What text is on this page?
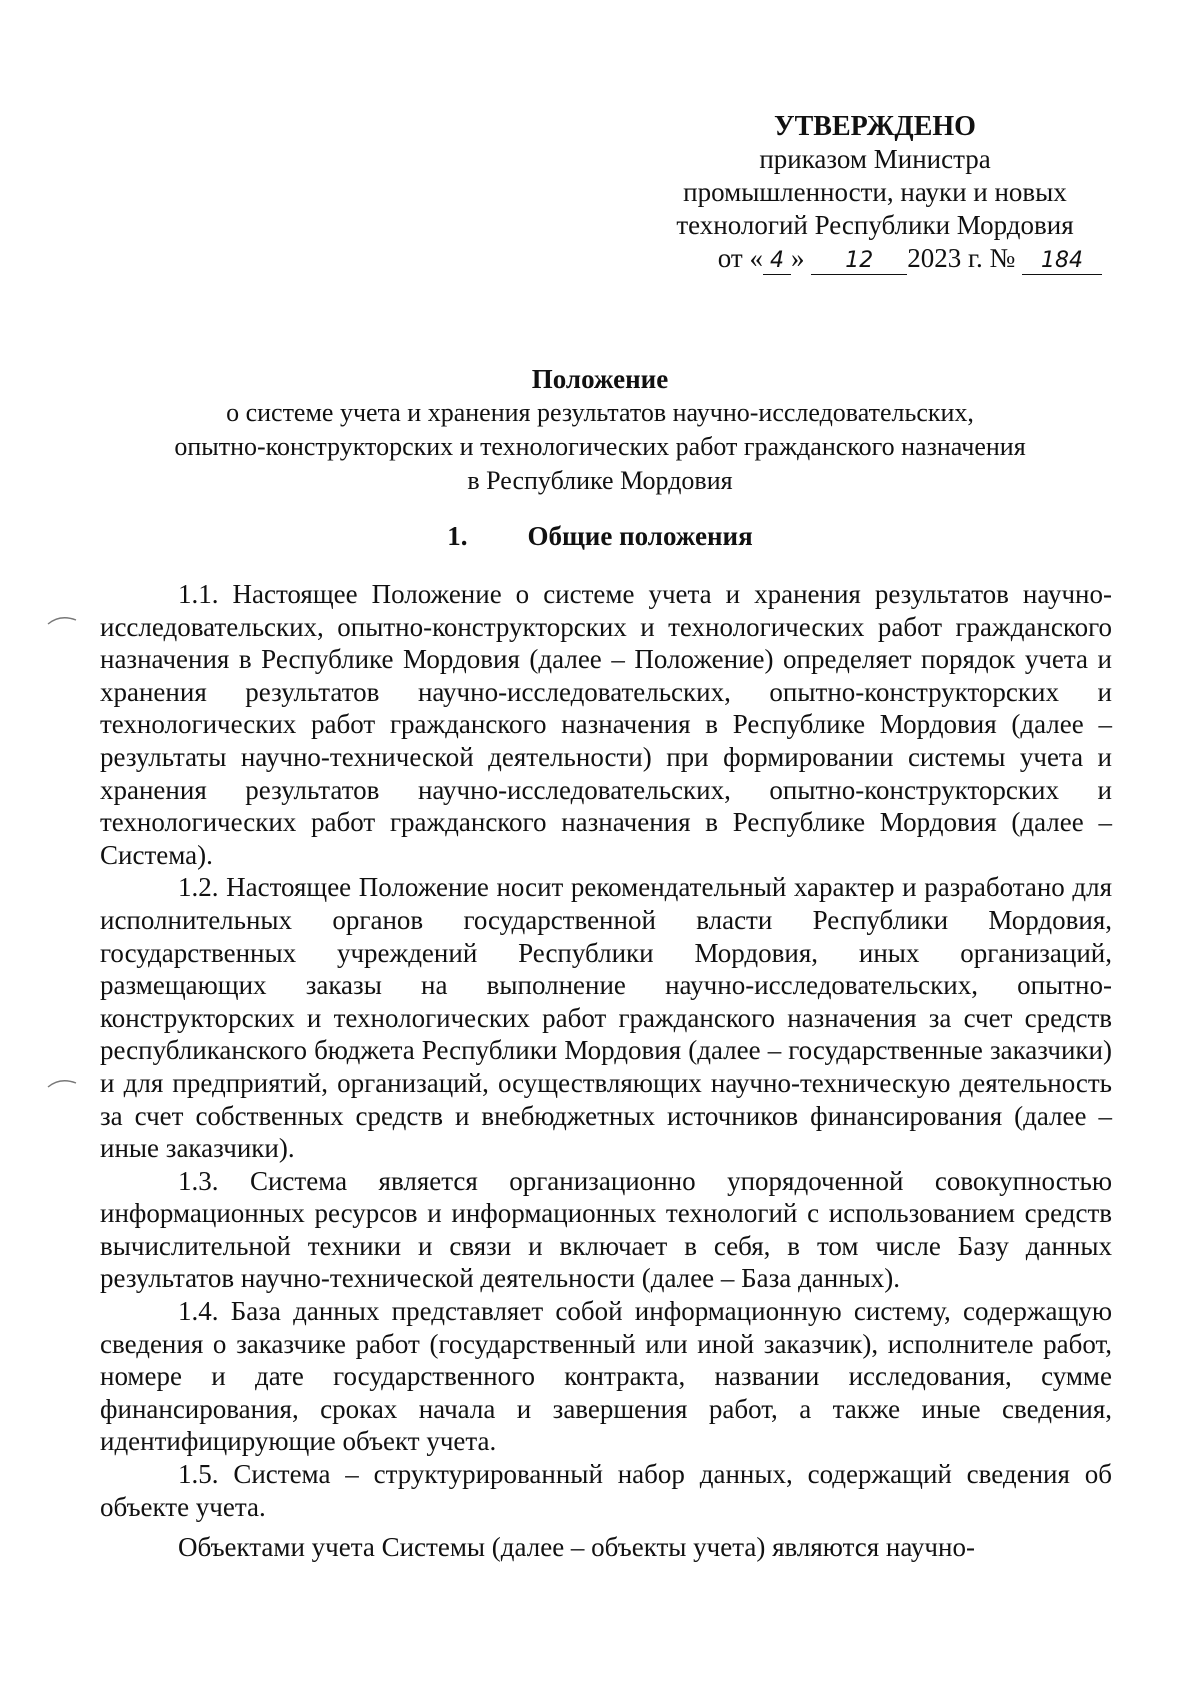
УТВЕРЖДЕНО
приказом Министра
промышленности, науки и новых
технологий Республики Мордовия
от « 4 » 12 2023 г. № 184
Положение
о системе учета и хранения результатов научно-исследовательских,
опытно-конструкторских и технологических работ гражданского назначения
в Республике Мордовия
1. Общие положения

1.1. Настоящее Положение о системе учета и хранения результатов научно-исследовательских, опытно-конструкторских и технологических работ гражданского назначения в Республике Мордовия (далее – Положение) определяет порядок учета и хранения результатов научно-исследовательских, опытно-конструкторских и технологических работ гражданского назначения в Республике Мордовия (далее – результаты научно-технической деятельности) при формировании системы учета и хранения результатов научно-исследовательских, опытно-конструкторских и технологических работ гражданского назначения в Республике Мордовия (далее – Система).

1.2. Настоящее Положение носит рекомендательный характер и разработано для исполнительных органов государственной власти Республики Мордовия, государственных учреждений Республики Мордовия, иных организаций, размещающих заказы на выполнение научно-исследовательских, опытно-конструкторских и технологических работ гражданского назначения за счет средств республиканского бюджета Республики Мордовия (далее – государственные заказчики) и для предприятий, организаций, осуществляющих научно-техническую деятельность за счет собственных средств и внебюджетных источников финансирования (далее – иные заказчики).

1.3. Система является организационно упорядоченной совокупностью информационных ресурсов и информационных технологий с использованием средств вычислительной техники и связи и включает в себя, в том числе Базу данных результатов научно-технической деятельности (далее – База данных).

1.4. База данных представляет собой информационную систему, содержащую сведения о заказчике работ (государственный или иной заказчик), исполнителе работ, номере и дате государственного контракта, названии исследования, сумме финансирования, сроках начала и завершения работ, а также иные сведения, идентифицирующие объект учета.

1.5. Система – структурированный набор данных, содержащий сведения об объекте учета.

Объектами учета Системы (далее – объекты учета) являются научно-
